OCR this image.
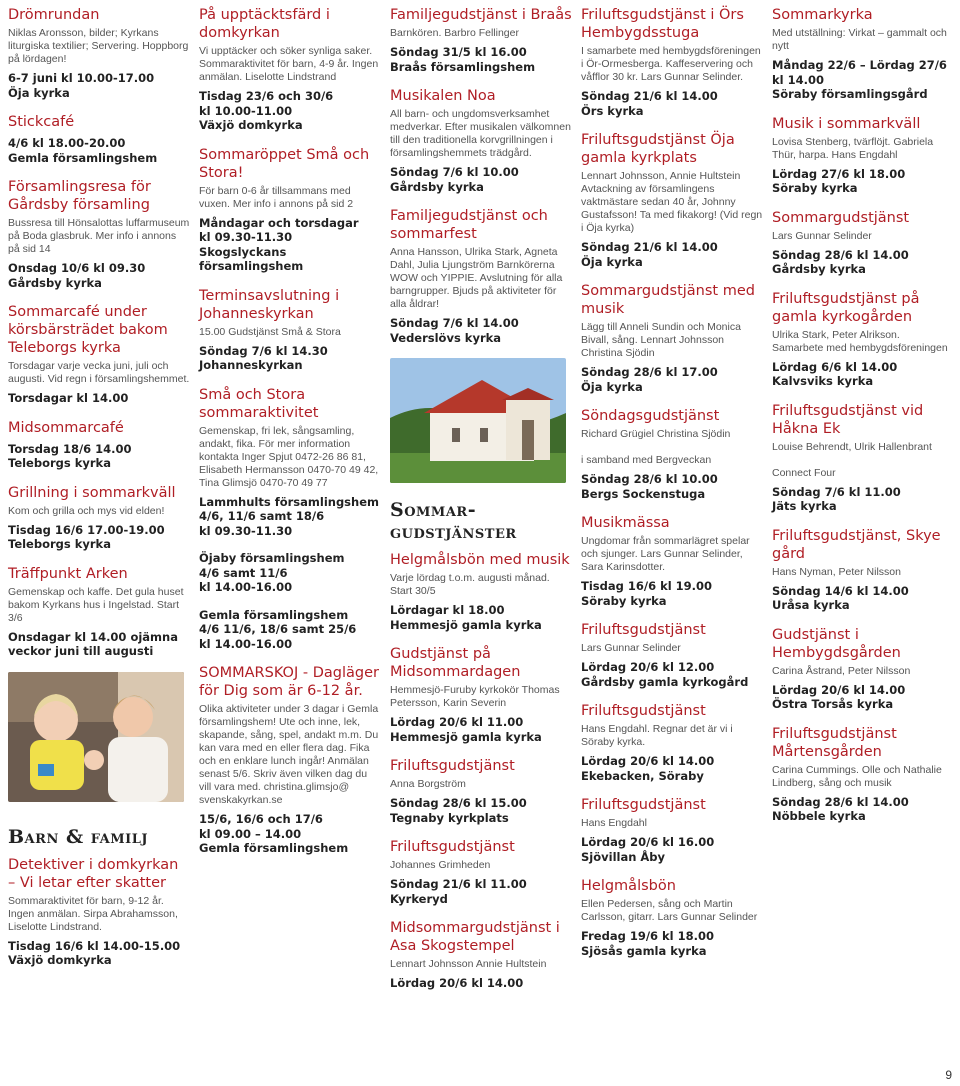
Drömrundan

Niklas Aronsson, bilder; Kyrkans liturgiska textilier; Servering. Hoppborg på lördagen!

6-7 juni kl 10.00-17.00
Öja kyrka

Stickcafé

4/6 kl 18.00-20.00
Gemla församlingshem

Församlingsresa för Gårdsby församling

Bussresa till Hönsalottas luffarmuseum på Boda glasbruk. Mer info i annons på sid 14

Onsdag 10/6 kl 09.30
Gårdsby kyrka

Sommarcafé under körsbärsträdet bakom Teleborgs kyrka

Torsdagar varje vecka juni, juli och augusti. Vid regn i församlingshemmet.

Torsdagar kl 14.00

Midsommarcafé

Torsdag 18/6 14.00
Teleborgs kyrka

Grillning i sommarkväll

Kom och grilla och mys vid elden!

Tisdag 16/6 17.00-19.00
Teleborgs kyrka

Träffpunkt Arken

Gemenskap och kaffe. Det gula huset bakom Kyrkans hus i Ingelstad. Start 3/6

Onsdagar kl 14.00 ojämna veckor juni till augusti

Barn & familj
Detektiver i domkyrkan – Vi letar efter skatter

Sommaraktivitet för barn, 9-12 år. Ingen anmälan. Sirpa Abrahamsson, Liselotte Lindstrand.

Tisdag 16/6 kl 14.00-15.00
Växjö domkyrka

På upptäcktsfärd i domkyrkan

Vi upptäcker och söker synliga saker. Sommaraktivitet för barn, 4-9 år. Ingen anmälan. Liselotte Lindstrand

Tisdag 23/6 och 30/6
kl 10.00-11.00
Växjö domkyrka

Sommaröppet Små och Stora!

För barn 0-6 år tillsammans med vuxen. Mer info i annons på sid 2

Måndagar och torsdagar
kl 09.30-11.30
Skogslyckans församlingshem

Terminsavslutning i Johanneskyrkan

15.00 Gudstjänst Små & Stora

Söndag 7/6 kl 14.30
Johanneskyrkan

Små och Stora sommaraktivitet

Gemenskap, fri lek, sångsamling, andakt, fika. För mer information kontakta Inger Spjut 0472-26 86 81, Elisabeth Hermansson 0470-70 49 42, Tina Glimsjö 0470-70 49 77

Lammhults församlingshem
4/6, 11/6 samt 18/6
kl 09.30-11.30

Öjaby församlingshem
4/6 samt 11/6
kl 14.00-16.00

Gemla församlingshem
4/6 11/6, 18/6 samt 25/6
kl 14.00-16.00

SOMMARSKOJ - Dagläger för Dig som är 6-12 år.

Olika aktiviteter under 3 dagar i Gemla församlingshem! Ute och inne, lek, skapande, sång, spel, andakt m.m. Du kan vara med en eller flera dag. Fika och en enklare lunch ingår! Anmälan senast 5/6. Skriv även vilken dag du vill vara med. christina.glimsjo@ svenskakyrkan.se

15/6, 16/6 och 17/6
kl 09.00 – 14.00
Gemla församlingshem

Familjegudstjänst i Braås

Barnkören. Barbro Fellinger

Söndag 31/5 kl 16.00
Braås församlingshem

Musikalen Noa

All barn- och ungdomsverksamhet medverkar. Efter musikalen välkomnen till den traditionella korvgrillningen i församlingshemmets trädgård.

Söndag 7/6 kl 10.00
Gårdsby kyrka

Familjegudstjänst och sommarfest

Anna Hansson, Ulrika Stark, Agneta Dahl, Julia Ljungström Barnkörerna WOW och YIPPIE. Avslutning för alla barngrupper. Bjuds på aktiviteter för alla åldrar!

Söndag 7/6 kl 14.00
Vederslövs kyrka

Sommar-
gudstjänster
Helgmålsbön med musik

Varje lördag t.o.m. augusti månad. Start 30/5

Lördagar kl 18.00
Hemmesjö gamla kyrka

Gudstjänst på Midsommardagen

Hemmesjö-Furuby kyrkokör Thomas Petersson, Karin Severin

Lördag 20/6 kl 11.00
Hemmesjö gamla kyrka

Friluftsgudstjänst

Anna Borgström

Söndag 28/6 kl 15.00
Tegnaby kyrkplats

Friluftsgudstjänst

Johannes Grimheden

Söndag 21/6 kl 11.00
Kyrkeryd

Midsommargudstjänst i Asa Skogstempel

Lennart Johnsson Annie Hultstein

Lördag 20/6 kl 14.00

Friluftsgudstjänst i Örs Hembygdsstuga

I samarbete med hembygdsföreningen i Ör-Ormesberga. Kaffeservering och våfflor 30 kr. Lars Gunnar Selinder.

Söndag 21/6 kl 14.00
Örs kyrka

Friluftsgudstjänst Öja gamla kyrkplats

Lennart Johnsson, Annie Hultstein Avtackning av församlingens vaktmästare sedan 40 år, Johnny Gustafsson! Ta med fikakorg! (Vid regn i Öja kyrka)

Söndag 21/6 kl 14.00
Öja kyrka

Sommargudstjänst med musik

Lägg till Anneli Sundin och Monica Bivall, sång. Lennart Johnsson Christina Sjödin

Söndag 28/6 kl 17.00
Öja kyrka

Söndagsgudstjänst

Richard Grügiel Christina Sjödin

i samband med Bergveckan

Söndag 28/6 kl 10.00
Bergs Sockenstuga

Musikmässa

Ungdomar från sommarlägret spelar och sjunger. Lars Gunnar Selinder, Sara Karinsdotter.

Tisdag 16/6 kl 19.00
Söraby kyrka

Friluftsgudstjänst

Lars Gunnar Selinder

Lördag 20/6 kl 12.00
Gårdsby gamla kyrkogård

Friluftsgudstjänst

Hans Engdahl. Regnar det är vi i Söraby kyrka.

Lördag 20/6 kl 14.00
Ekebacken, Söraby

Friluftsgudstjänst

Hans Engdahl

Lördag 20/6 kl 16.00
Sjövillan Åby

Helgmålsbön

Ellen Pedersen, sång och Martin Carlsson, gitarr. Lars Gunnar Selinder

Fredag 19/6 kl 18.00
Sjösås gamla kyrka

Sommarkyrka

Med utställning: Virkat – gammalt och nytt

Måndag 22/6 – Lördag 27/6
kl 14.00
Söraby församlingsgård

Musik i sommarkväll

Lovisa Stenberg, tvärflöjt. Gabriela Thür, harpa. Hans Engdahl

Lördag 27/6 kl 18.00
Söraby kyrka

Sommargudstjänst

Lars Gunnar Selinder

Söndag 28/6 kl 14.00
Gårdsby kyrka

Friluftsgudstjänst på gamla kyrkogården

Ulrika Stark, Peter Alrikson. Samarbete med hembygdsföreningen

Lördag 6/6 kl 14.00
Kalvsviks kyrka

Friluftsgudstjänst vid Håkna Ek

Louise Behrendt, Ulrik Hallenbrant

Connect Four

Söndag 7/6 kl 11.00
Jäts kyrka

Friluftsgudstjänst, Skye gård

Hans Nyman, Peter Nilsson

Söndag 14/6 kl 14.00
Uråsa kyrka

Gudstjänst i Hembygdsgården

Carina Åstrand, Peter Nilsson

Lördag 20/6 kl 14.00
Östra Torsås kyrka

Friluftsgudstjänst Mårtensgården

Carina Cummings. Olle och Nathalie Lindberg, sång och musik

Söndag 28/6 kl 14.00
Nöbbele kyrka

9
